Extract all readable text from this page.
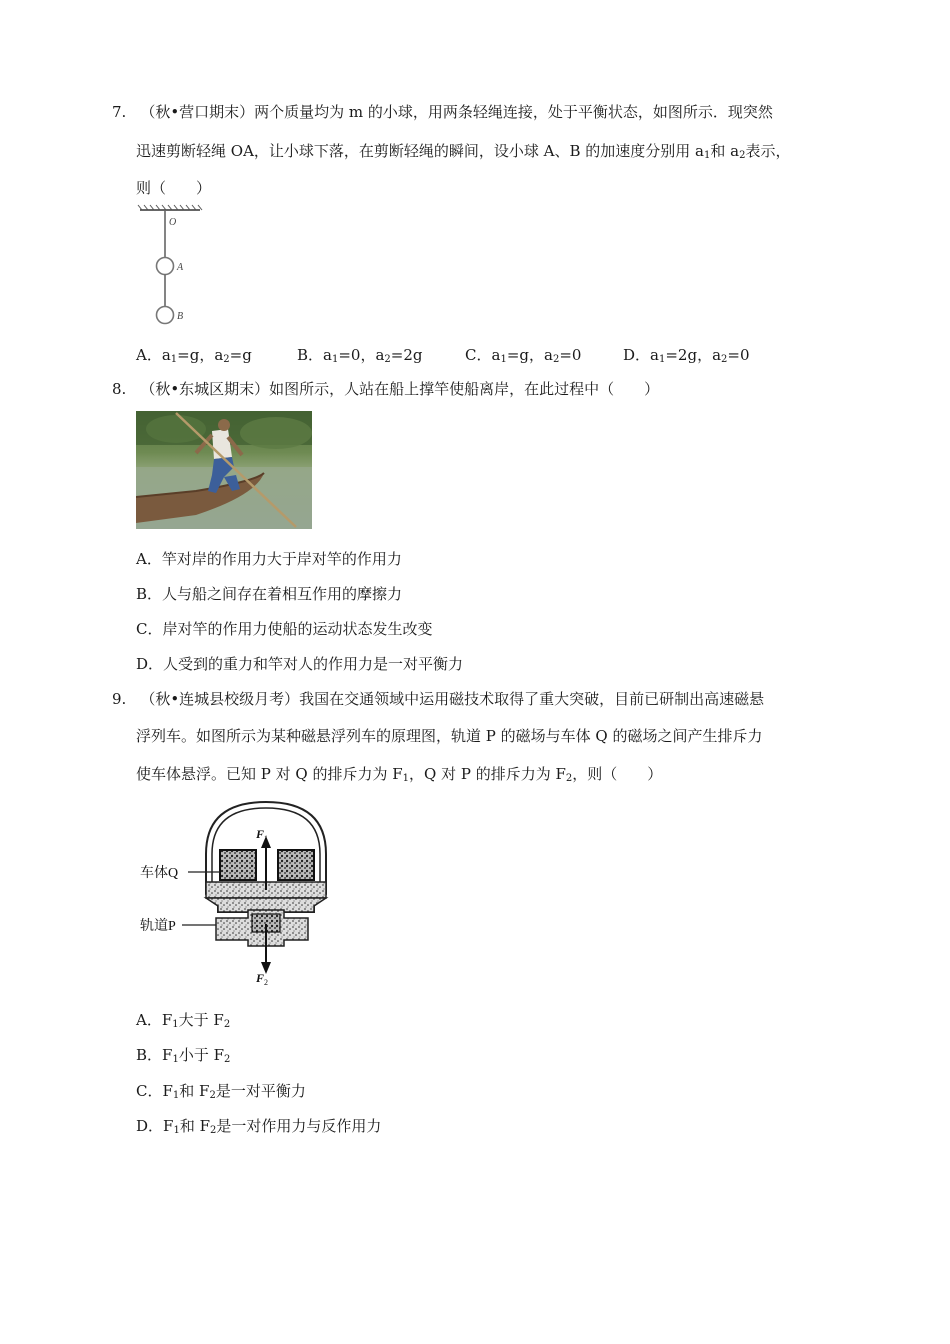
7. （秋•营口期末）两个质量均为 m 的小球，用两条轻绳连接，处于平衡状态，如图所示．现突然
迅速剪断轻绳 OA，让小球下落，在剪断轻绳的瞬间，设小球 A、B 的加速度分别用 $a_1$和 $a_2$表示，
则（　　）
O
A
B
A．$a_1=g$，$a_2=g$	B．$a_1=0$，$a_2=2g$	C．$a_1=g$，$a_2=0$	D．$a_1=2g$，$a_2=0$
8. （秋•东城区期末）如图所示，人站在船上撑竿使船离岸，在此过程中（　　）
A．竿对岸的作用力大于岸对竿的作用力
B．人与船之间存在着相互作用的摩擦力
C．岸对竿的作用力使船的运动状态发生改变
D．人受到的重力和竿对人的作用力是一对平衡力
9. （秋•连城县校级月考）我国在交通领域中运用磁技术取得了重大突破，目前已研制出高速磁悬
浮列车。如图所示为某种磁悬浮列车的原理图，轨道 P 的磁场与车体 Q 的磁场之间产生排斥力
使车体悬浮。已知 P 对 Q 的排斥力为 $F_1$，Q 对 P 的排斥力为 $F_2$，则（　　）
车体Q
轨道P
F 1
F 2
A．$F_1$大于 $F_2$
B．$F_1$小于 $F_2$
C．$F_1$和 $F_2$是一对平衡力
D．$F_1$和 $F_2$是一对作用力与反作用力
